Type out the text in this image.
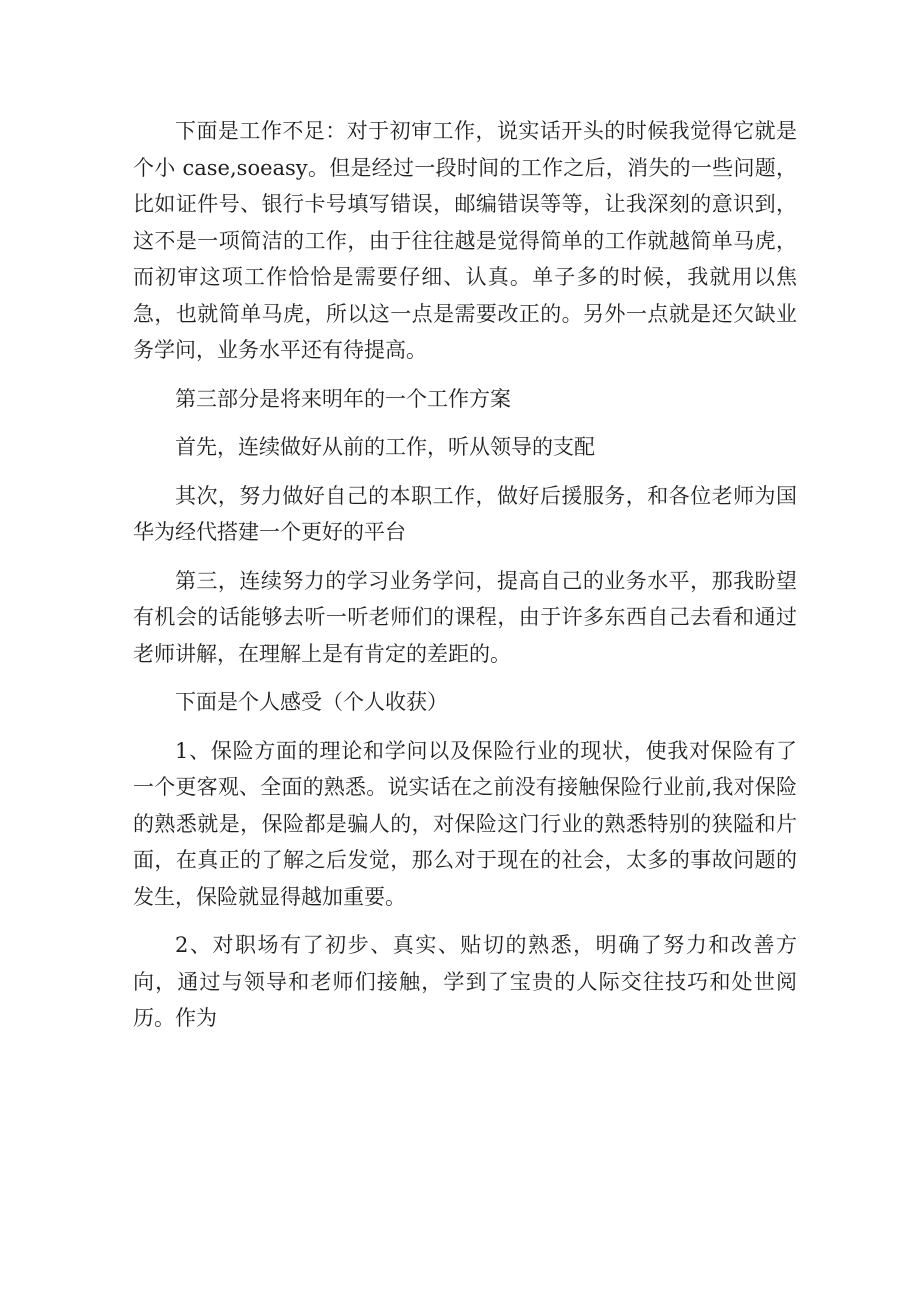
下面是工作不足：对于初审工作，说实话开头的时候我觉得它就是个小 case,soeasy。但是经过一段时间的工作之后，消失的一些问题，比如证件号、银行卡号填写错误，邮编错误等等，让我深刻的意识到，这不是一项简洁的工作，由于往往越是觉得简单的工作就越简单马虎，而初审这项工作恰恰是需要仔细、认真。单子多的时候，我就用以焦急，也就简单马虎，所以这一点是需要改正的。另外一点就是还欠缺业务学问，业务水平还有待提高。

第三部分是将来明年的一个工作方案

首先，连续做好从前的工作，听从领导的支配

其次，努力做好自己的本职工作，做好后援服务，和各位老师为国华为经代搭建一个更好的平台

第三，连续努力的学习业务学问，提高自己的业务水平，那我盼望有机会的话能够去听一听老师们的课程，由于许多东西自己去看和通过老师讲解，在理解上是有肯定的差距的。

下面是个人感受（个人收获）

1、保险方面的理论和学问以及保险行业的现状，使我对保险有了一个更客观、全面的熟悉。说实话在之前没有接触保险行业前,我对保险的熟悉就是，保险都是骗人的，对保险这门行业的熟悉特别的狭隘和片面，在真正的了解之后发觉，那么对于现在的社会，太多的事故问题的发生，保险就显得越加重要。

2、对职场有了初步、真实、贴切的熟悉，明确了努力和改善方向，通过与领导和老师们接触，学到了宝贵的人际交往技巧和处世阅历。作为
